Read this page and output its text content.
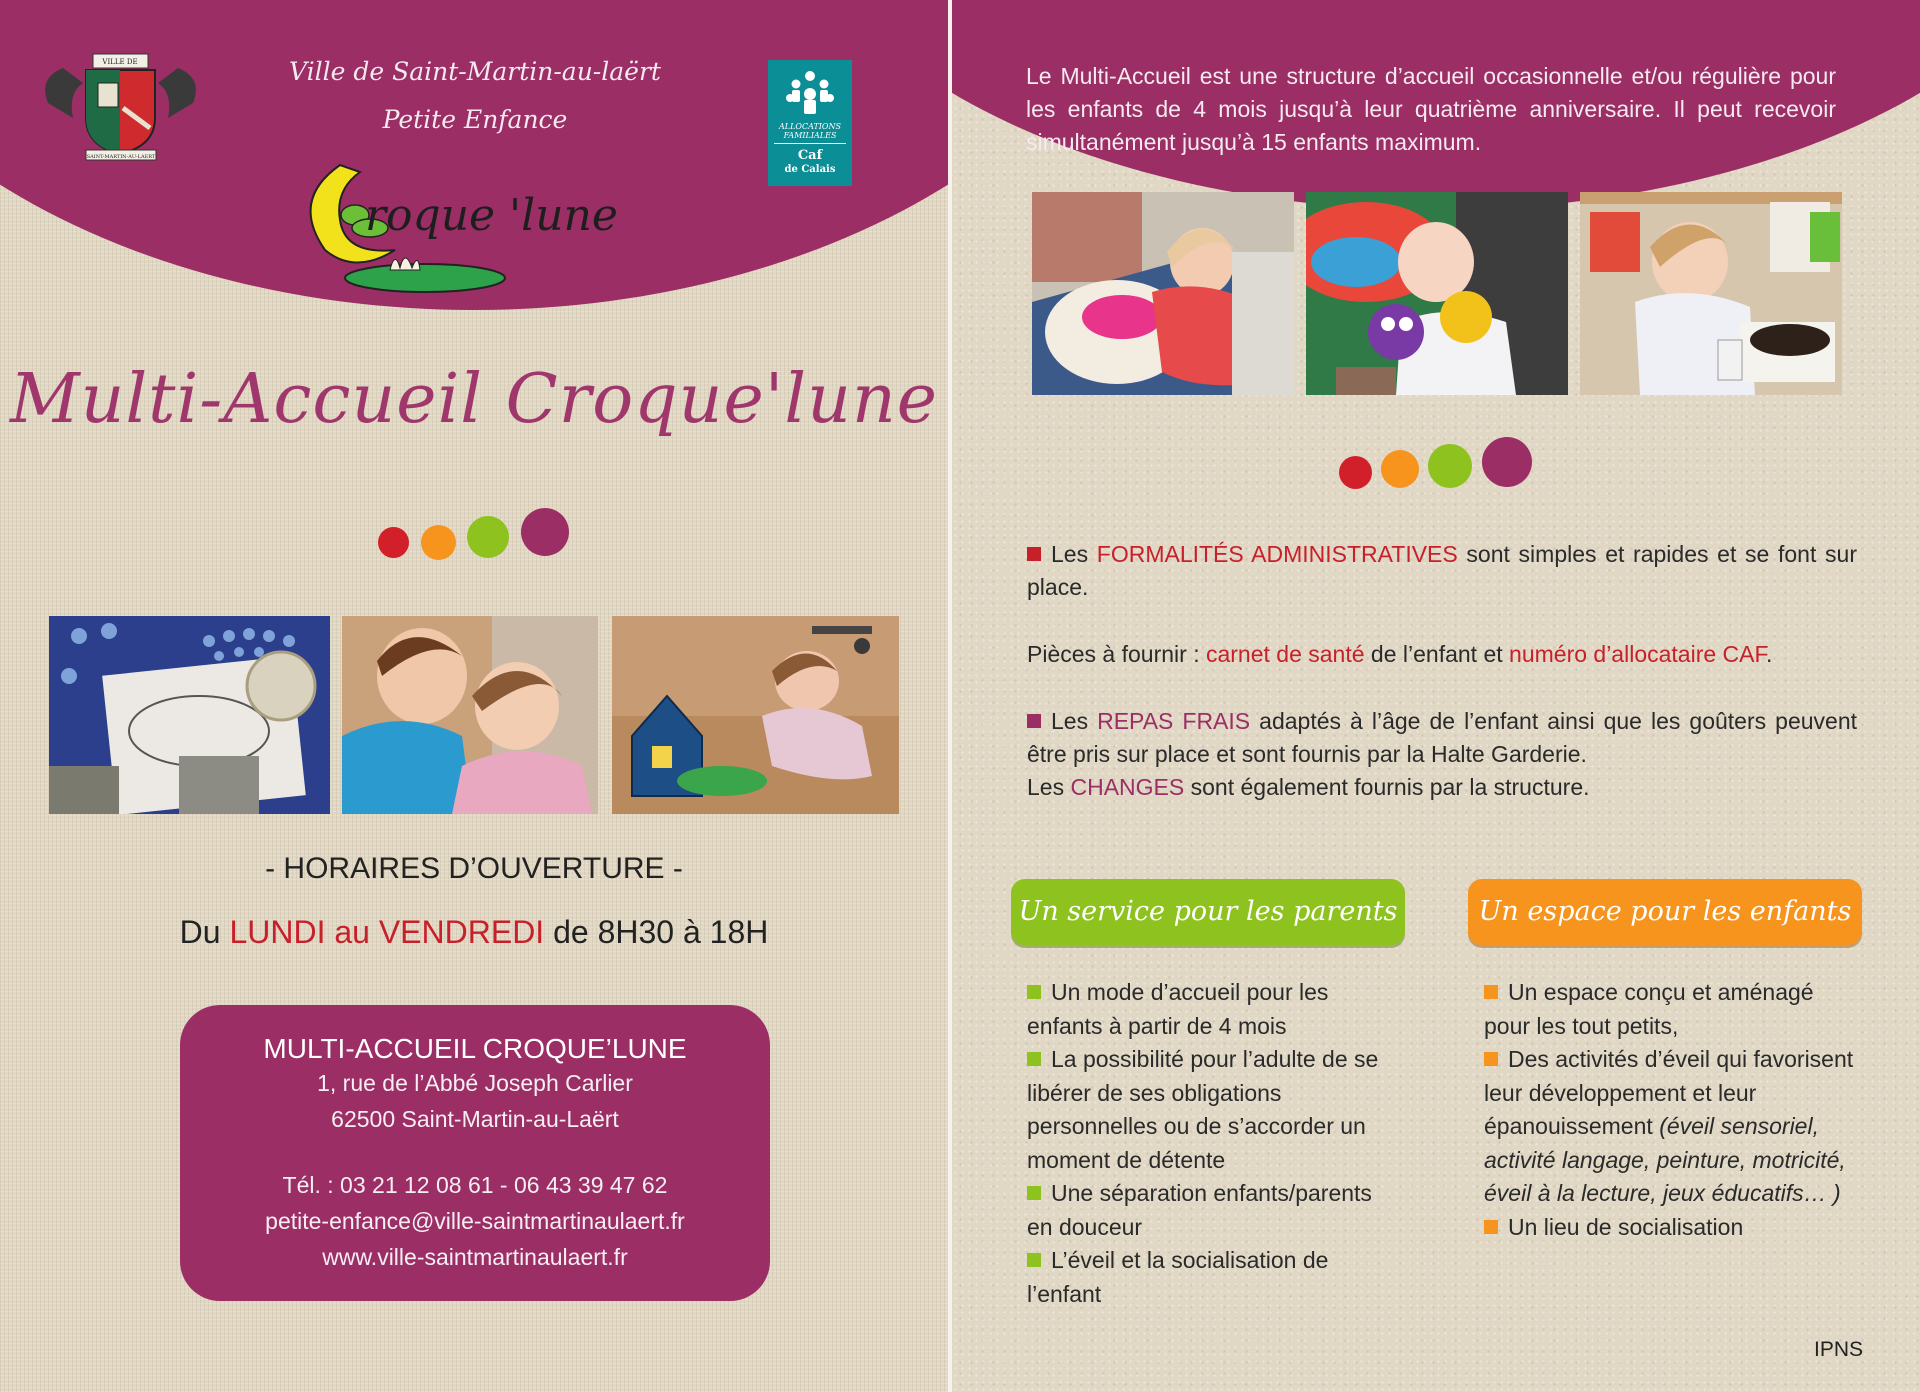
VILLE DE
SAINT-MARTIN-AU-LAERT
Ville de Saint-Martin-au-laërt
Petite Enfance	ALLOCATIONS
FAMILIALES
Caf
de Calais
roque 'lune
Multi-Accueil Croque'lune
- HORAIRES D’OUVERTURE -
Du LUNDI au VENDREDI de 8H30 à 18H
MULTI-ACCUEIL CROQUE’LUNE
1, rue de l’Abbé Joseph Carlier
62500 Saint-Martin-au-Laërt
Tél. : 03 21 12 08 61 - 06 43 39 47 62
petite-enfance@ville-saintmartinaulaert.fr
www.ville-saintmartinaulaert.fr
Le Multi-Accueil est une structure d’accueil occasionnelle et/ou régulière pour les enfants de 4 mois jusqu’à leur quatrième anniversaire. Il peut recevoir simultanément jusqu’à 15 enfants maximum.
Les FORMALITÉS ADMINISTRATIVES sont simples et rapides et se font sur place.
Pièces à fournir : carnet de santé de l’enfant et numéro d’allocataire CAF.
Les REPAS FRAIS adaptés à l’âge de l’enfant ainsi que les goûters peuvent être pris sur place et sont fournis par la Halte Garderie.
Les CHANGES sont également fournis par la structure.
Un service pour les parents	Un espace pour les enfants
Un mode d’accueil pour les enfants à partir de 4 mois
La possibilité pour l’adulte de se libérer de ses obligations personnelles ou de s’accorder un moment de détente
Une séparation enfants/parents en douceur
L’éveil et la socialisation de l’enfant
Un espace conçu et aménagé pour les tout petits,
Des activités d’éveil qui favorisent leur développement et leur épanouissement (éveil sensoriel, activité langage, peinture, motricité, éveil à la lecture, jeux éducatifs… )
Un lieu de socialisation
IPNS
